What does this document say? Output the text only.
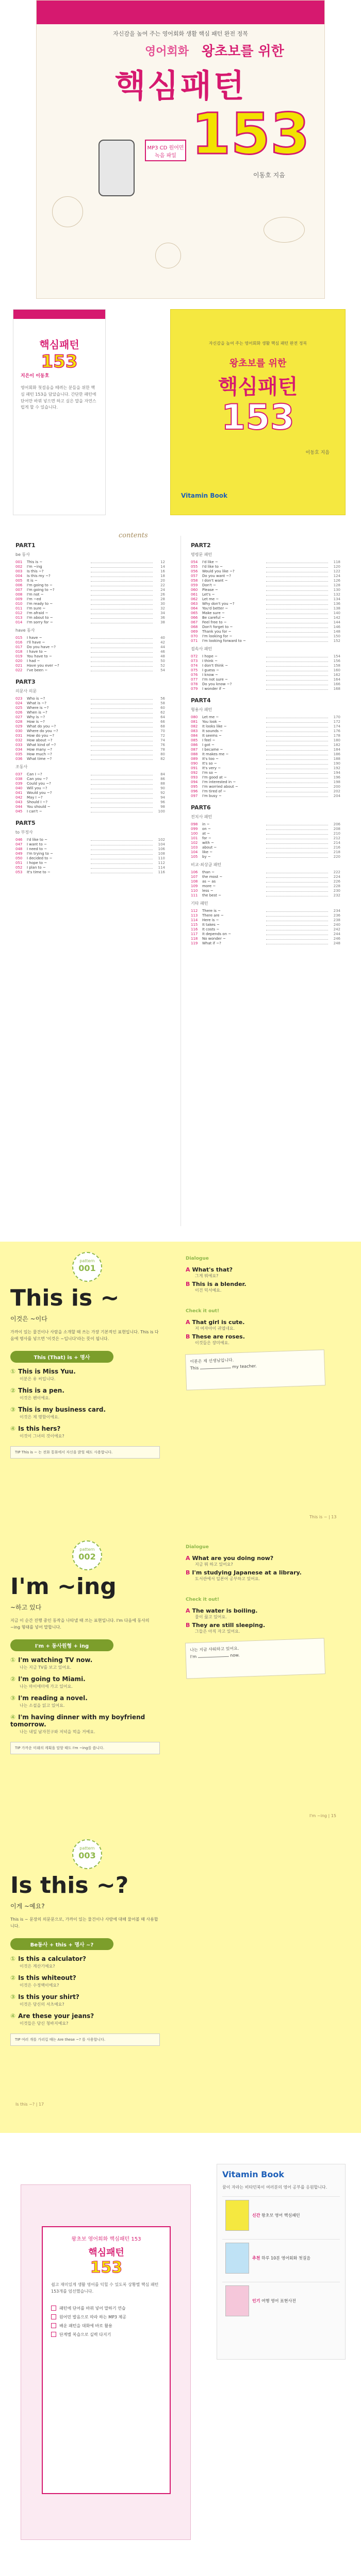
자신감을 높여 주는 영어회화 생활 핵심 패턴 완전 정복
영어회화 왕초보를 위한
핵심패턴
153
MP3 CD 원어민 녹음 파일
이동호 지음
핵심패턴
153
지은이 이동호
영어회화 첫걸음을 떼려는 분들을 위한 핵심 패턴 153을 담았습니다. 간단한 패턴에 단어만 바꿔 넣으면 하고 싶은 말을 자연스럽게 할 수 있습니다.
자신감을 높여 주는 영어회화 생활 핵심 패턴 완전 정복
왕초보를 위한
핵심패턴
153
이동호 지음
Vitamin Book
contents
PART1
be 동사
001	This is ~	12
002	I'm ~ing	14
003	Is this ~?	16
004	Is this my ~?	18
005	It is ~	20
006	I'm going to ~	22
007	I'm going to ~?	24
008	I'm not ~	26
009	I'm ~ed	28
010	I'm ready to ~	30
011	I'm sure ~	32
012	I'm afraid ~	34
013	I'm about to ~	36
014	I'm sorry for ~	38
have 동사
015	I have ~	40
016	I'll have ~	42
017	Do you have ~?	44
018	I have to ~	46
019	You have to ~	48
020	I had ~	50
021	Have you ever ~?	52
022	I've been ~	54
PART3
의문사 의문
023	Who is ~?	56
024	What is ~?	58
025	Where is ~?	60
026	When is ~?	62
027	Why is ~?	64
028	How is ~?	66
029	What do you ~?	68
030	Where do you ~?	70
031	How do you ~?	72
032	How about ~?	74
033	What kind of ~?	76
034	How many ~?	78
035	How much ~?	80
036	What time ~?	82
조동사
037	Can I ~?	84
038	Can you ~?	86
039	Could you ~?	88
040	Will you ~?	90
041	Would you ~?	92
042	May I ~?	94
043	Should I ~?	96
044	You should ~	98
045	I can't ~	100
PART5
to 부정사
046	I'd like to ~	102
047	I want to ~	104
048	I need to ~	106
049	I'm trying to ~	108
050	I decided to ~	110
051	I hope to ~	112
052	I plan to ~	114
053	It's time to ~	116
PART2
명령문 패턴
054	I'd like ~	118
055	I'd like to ~	120
056	Would you like ~?	122
057	Do you want ~?	124
058	I don't want ~	126
059	Don't ~	128
060	Please ~	130
061	Let's ~	132
062	Let me ~	134
063	Why don't you ~?	136
064	You'd better ~	138
065	Make sure ~	140
066	Be careful ~	142
067	Feel free to ~	144
068	Don't forget to ~	146
069	Thank you for ~	148
070	I'm looking for ~	150
071	I'm looking forward to ~	152
접속사 패턴
072	I hope ~	154
073	I think ~	156
074	I don't think ~	158
075	I guess ~	160
076	I know ~	162
077	I'm not sure ~	164
078	Do you know ~?	166
079	I wonder if ~	168
PART4
형용사 패턴
080	Let me ~	170
081	You look ~	172
082	It looks like ~	174
083	It sounds ~	176
084	It seems ~	178
085	I feel ~	180
086	I got ~	182
087	I became ~	184
088	It makes me ~	186
089	It's too ~	188
090	It's so ~	190
091	It's very ~	192
092	I'm so ~	194
093	I'm good at ~	196
094	I'm interested in ~	198
095	I'm worried about ~	200
096	I'm tired of ~	202
097	I'm busy ~	204
PART6
전치사 패턴
098	in ~	206
099	on ~	208
100	at ~	210
101	for ~	212
102	with ~	214
103	about ~	216
104	like ~	218
105	by ~	220
비교·최상급 패턴
106	than ~	222
107	the most ~	224
108	as ~ as	226
109	more ~	228
110	less ~	230
111	the best ~	232
기타 패턴
112	There is ~	234
113	There are ~	236
114	Here is ~	238
115	It takes ~	240
116	It costs ~	242
117	It depends on ~	244
118	No wonder ~	246
119	What if ~?	248
pattern
001
This is ~
이것은 ~이다
가까이 있는 물건이나 사람을 소개할 때 쓰는 가장 기본적인 표현입니다. This is 다음에 명사를 넣으면 '이것은 ~입니다'라는 뜻이 됩니다.
This (That) is + 명사
① This is Miss Yuu.
이분은 유 씨입니다.
② This is a pen.
이것은 펜이에요.
③ This is my business card.
이것은 제 명함이에요.
④ Is this hers?
이것이 그녀의 것이에요?
TIP This is ~ 는 전화 통화에서 자신을 밝힐 때도 사용합니다.
Dialogue
A What's that?
그게 뭐예요?
B This is a blender.
이건 믹서예요.
Check it out!
A That girl is cute.
저 여자아이 귀엽네요.
B These are roses.
이것들은 장미예요.
이분은 제 선생님입니다.
This	my teacher.
This is ~ | 13
pattern
002
I'm ~ing
~하고 있다
지금 이 순간 진행 중인 동작을 나타낼 때 쓰는 표현입니다. I'm 다음에 동사의 ~ing 형태를 넣어 말합니다.
I'm + 동사원형 + ing
① I'm watching TV now.
나는 지금 TV를 보고 있어요.
② I'm going to Miami.
나는 마이애미에 가고 있어요.
③ I'm reading a novel.
나는 소설을 읽고 있어요.
④ I'm having dinner with my boyfriend tomorrow.
나는 내일 남자친구와 저녁을 먹을 거예요.
TIP 가까운 미래의 계획을 말할 때도 I'm ~ing를 씁니다.
Dialogue
A What are you doing now?
지금 뭐 하고 있어요?
B I'm studying Japanese at a library.
도서관에서 일본어 공부하고 있어요.
Check it out!
A The water is boiling.
물이 끓고 있어요.
B They are still sleeping.
그들은 아직 자고 있어요.
나는 지금 샤워하고 있어요.
I'm	now.
I'm ~ing | 15
pattern
003
Is this ~?
이게 ~예요?
This is ~ 문장의 의문문으로, 가까이 있는 물건이나 사람에 대해 물어볼 때 사용합니다.
Be동사 + this + 명사 ~?
① Is this a calculator?
이것은 계산기예요?
② Is this whiteout?
이것은 수정액이에요?
③ Is this your shirt?
이것은 당신의 셔츠예요?
④ Are these your jeans?
이것들은 당신 청바지예요?
TIP 여러 개를 가리킬 때는 Are these ~? 를 사용합니다.
Is this ~? | 17
왕초보 영어회화 핵심패턴 153
핵심패턴
153
쉽고 재미있게 생활 영어를 익힐 수 있도록 상황별 핵심 패턴 153개를 엄선했습니다.
패턴에 단어를 바꿔 넣어 말하기 연습
원어민 발음으로 따라 하는 MP3 제공
배운 패턴을 대화에 바로 활용
단계별 복습으로 실력 다지기
Vitamin Book
꿈이 자라는 비타민북이 여러분의 영어 공부를 응원합니다.
신간 왕초보 영어 핵심패턴
추천 하루 10분 영어회화 첫걸음
인기 여행 영어 표현사전
